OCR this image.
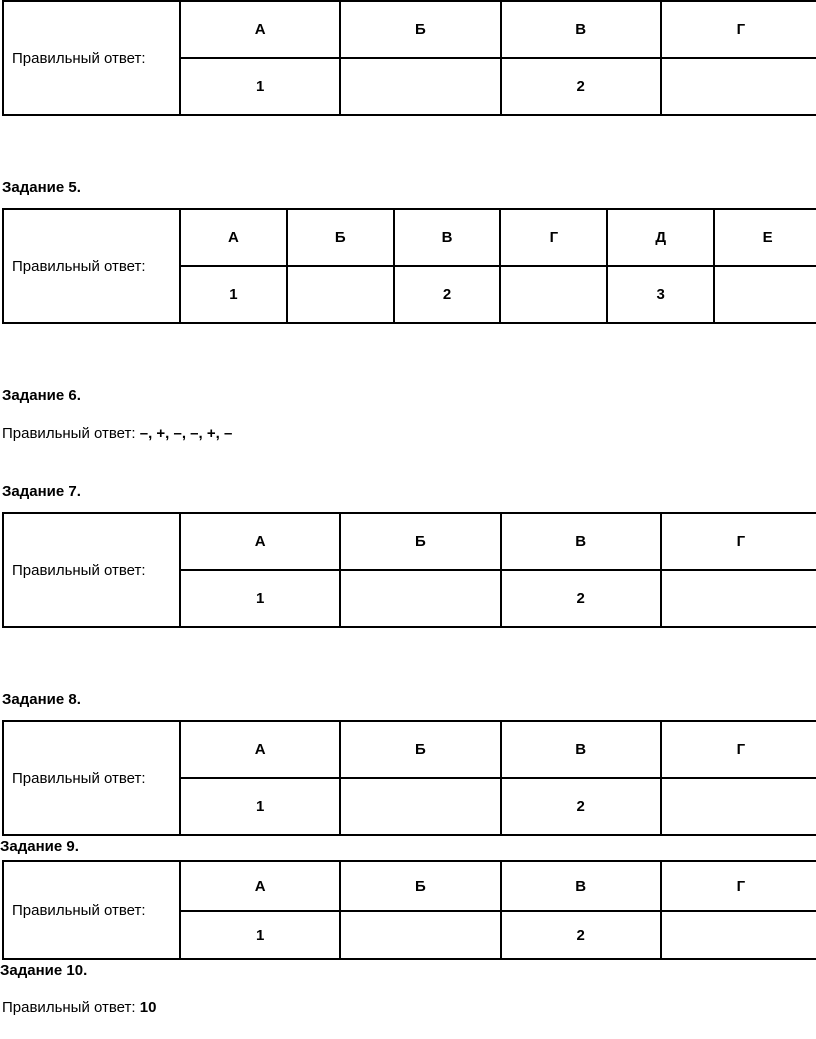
Правильный ответ:	А	Б	В	Г
	1		2	
Задание 5.
Правильный ответ:	А	Б	В	Г	Д	Е
	1		2		3	
Задание 6.
Правильный ответ: –, +, –, –, +, –
Задание 7.
Правильный ответ:	А	Б	В	Г
	1		2	
Задание 8.
Правильный ответ:	А	Б	В	Г
	1		2	
Задание 9.
Правильный ответ:	А	Б	В	Г
	1		2	
Задание 10.
Правильный ответ: 10
